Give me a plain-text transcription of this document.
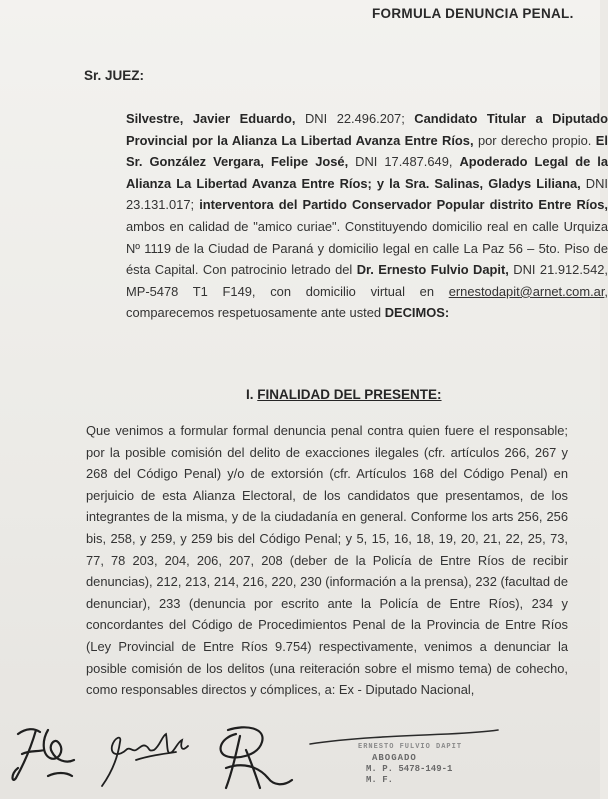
FORMULA DENUNCIA PENAL.
Sr. JUEZ:
Silvestre, Javier Eduardo, DNI 22.496.207; Candidato Titular a Diputado Provincial por la Alianza La Libertad Avanza Entre Ríos, por derecho propio. El Sr. González Vergara, Felipe José, DNI 17.487.649, Apoderado Legal de la Alianza La Libertad Avanza Entre Ríos; y la Sra. Salinas, Gladys Liliana, DNI 23.131.017; interventora del Partido Conservador Popular distrito Entre Ríos, ambos en calidad de "amico curiae". Constituyendo domicilio real en calle Urquiza Nº 1119 de la Ciudad de Paraná y domicilio legal en calle La Paz 56 – 5to. Piso de ésta Capital. Con patrocinio letrado del Dr. Ernesto Fulvio Dapit, DNI 21.912.542, MP-5478 T1 F149, con domicilio virtual en ernestodapit@arnet.com.ar, comparecemos respetuosamente ante usted DECIMOS:
I. FINALIDAD DEL PRESENTE:
Que venimos a formular formal denuncia penal contra quien fuere el responsable; por la posible comisión del delito de exacciones ilegales (cfr. artículos 266, 267 y 268 del Código Penal) y/o de extorsión (cfr. Artículos 168 del Código Penal) en perjuicio de esta Alianza Electoral, de los candidatos que presentamos, de los integrantes de la misma, y de la ciudadanía en general. Conforme los arts 256, 256 bis, 258, y 259, y 259 bis del Código Penal; y 5, 15, 16, 18, 19, 20, 21, 22, 25, 73, 77, 78 203, 204, 206, 207, 208 (deber de la Policía de Entre Ríos de recibir denuncias), 212, 213, 214, 216, 220, 230 (información a la prensa), 232 (facultad de denunciar), 233 (denuncia por escrito ante la Policía de Entre Ríos), 234 y concordantes del Código de Procedimientos Penal de la Provincia de Entre Ríos (Ley Provincial de Entre Ríos 9.754) respectivamente, venimos a denunciar la posible comisión de los delitos (una reiteración sobre el mismo tema) de cohecho, como responsables directos y cómplices, a: Ex - Diputado Nacional,
ERNESTO FULVIO DAPIT
ABOGADO
M. P. 5478-149-1
M. F.
